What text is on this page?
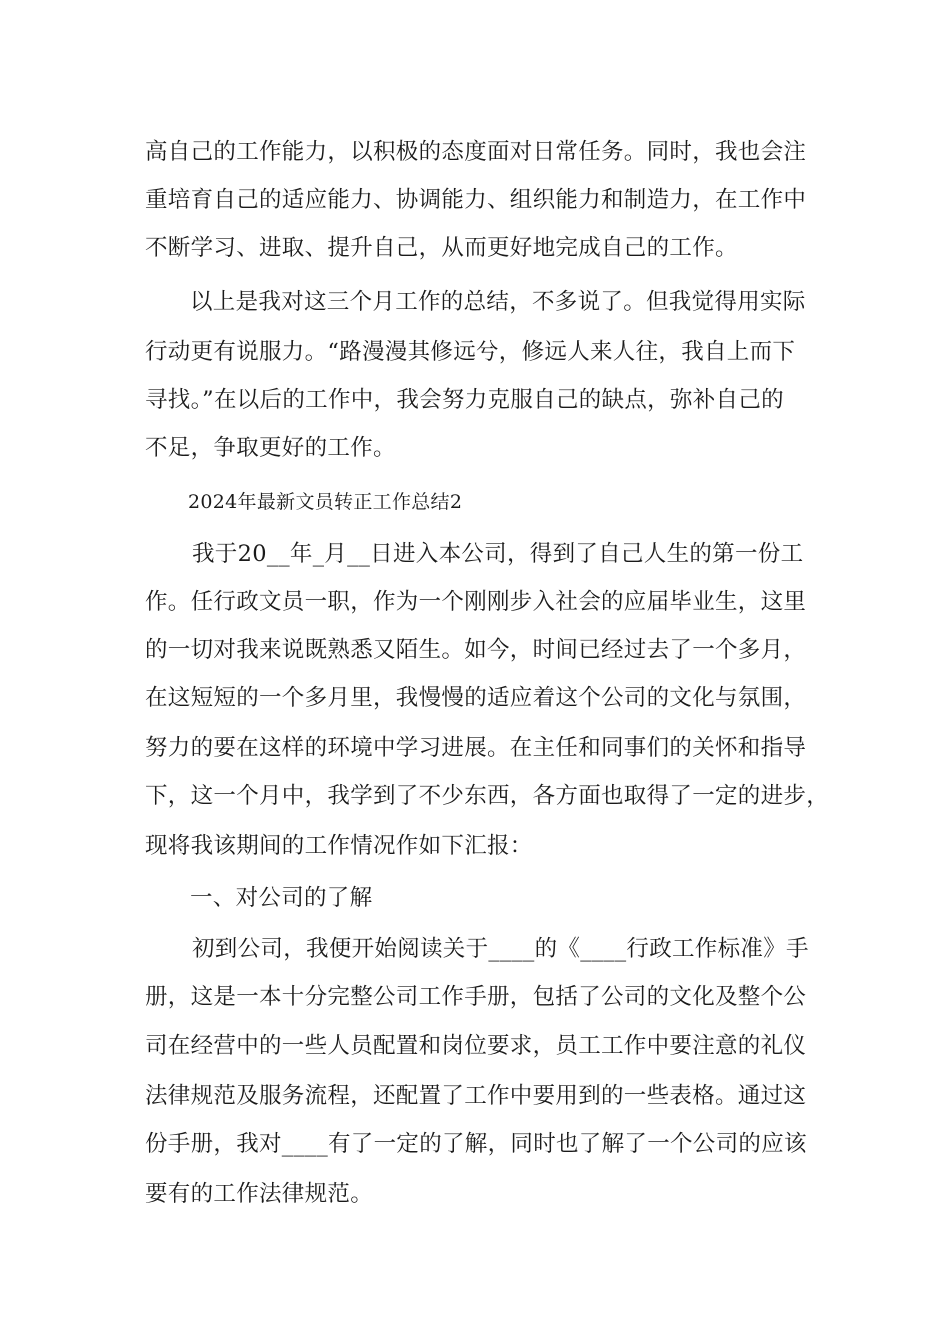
高自己的工作能力，以积极的态度面对日常任务。同时，我也会注
重培育自己的适应能力、协调能力、组织能力和制造力，在工作中
不断学习、进取、提升自己，从而更好地完成自己的工作。
以上是我对这三个月工作的总结，不多说了。但我觉得用实际
行动更有说服力。“路漫漫其修远兮，修远人来人往，我自上而下
寻找。”在以后的工作中，我会努力克服自己的缺点，弥补自己的
不足，争取更好的工作。
2024年最新文员转正工作总结2
我于20__年_月__日进入本公司，得到了自己人生的第一份工
作。任行政文员一职，作为一个刚刚步入社会的应届毕业生，这里
的一切对我来说既熟悉又陌生。如今，时间已经过去了一个多月，
在这短短的一个多月里，我慢慢的适应着这个公司的文化与氛围，
努力的要在这样的环境中学习进展。在主任和同事们的关怀和指导
下，这一个月中，我学到了不少东西，各方面也取得了一定的进步，
现将我该期间的工作情况作如下汇报：
一、对公司的了解
初到公司，我便开始阅读关于____的《____行政工作标准》手
册，这是一本十分完整公司工作手册，包括了公司的文化及整个公
司在经营中的一些人员配置和岗位要求，员工工作中要注意的礼仪
法律规范及服务流程，还配置了工作中要用到的一些表格。通过这
份手册，我对____有了一定的了解，同时也了解了一个公司的应该
要有的工作法律规范。
